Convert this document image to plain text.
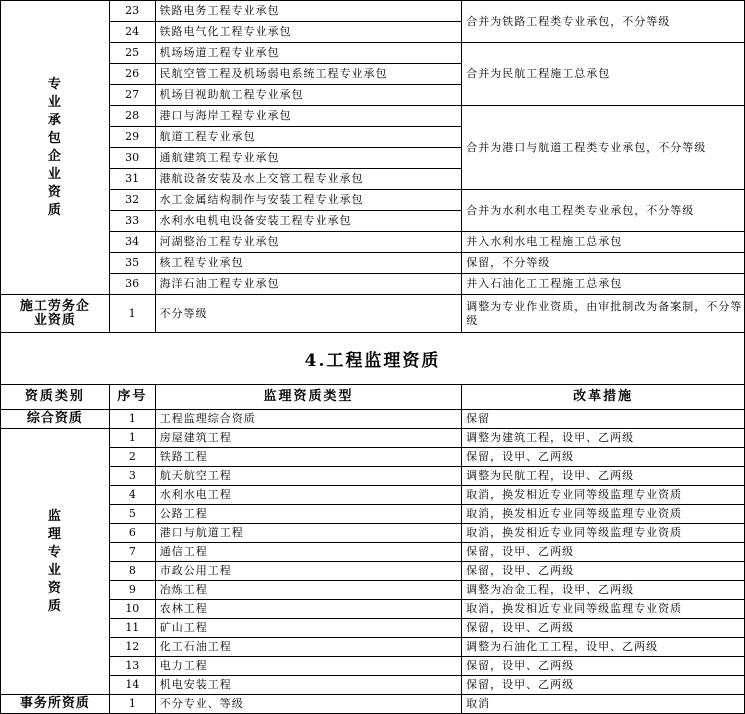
专业承包企业资质	23	铁路电务工程专业承包	合并为铁路工程类专业承包，不分等级
	24	铁路电气化工程专业承包	
	25	机场场道工程专业承包	合并为民航工程施工总承包
	26	民航空管工程及机场弱电系统工程专业承包	
	27	机场目视助航工程专业承包	
	28	港口与海岸工程专业承包	合并为港口与航道工程类专业承包，不分等级
	29	航道工程专业承包	
	30	通航建筑工程专业承包	
	31	港航设备安装及水上交管工程专业承包	
	32	水工金属结构制作与安装工程专业承包	合并为水利水电工程类专业承包，不分等级
	33	水利水电机电设备安装工程专业承包	
	34	河湖整治工程专业承包	并入水利水电工程施工总承包
	35	核工程专业承包	保留，不分等级
	36	海洋石油工程专业承包	并入石油化工工程施工总承包
施工劳务企业资质	1	不分等级	调整为专业作业资质，由审批制改为备案制，不分等级
4.工程监理资质
资质类别	序号	监理资质类型	改革措施
综合资质	1	工程监理综合资质	保留
监理专业资质	1	房屋建筑工程	调整为建筑工程，设甲、乙两级
	2	铁路工程	保留，设甲、乙两级
	3	航天航空工程	调整为民航工程，设甲、乙两级
	4	水利水电工程	取消，换发相近专业同等级监理专业资质
	5	公路工程	取消，换发相近专业同等级监理专业资质
	6	港口与航道工程	取消，换发相近专业同等级监理专业资质
	7	通信工程	保留，设甲、乙两级
	8	市政公用工程	保留，设甲、乙两级
	9	冶炼工程	调整为冶金工程，设甲、乙两级
	10	农林工程	取消，换发相近专业同等级监理专业资质
	11	矿山工程	保留，设甲、乙两级
	12	化工石油工程	调整为石油化工工程，设甲、乙两级
	13	电力工程	保留，设甲、乙两级
	14	机电安装工程	保留，设甲、乙两级
事务所资质	1	不分专业、等级	取消
